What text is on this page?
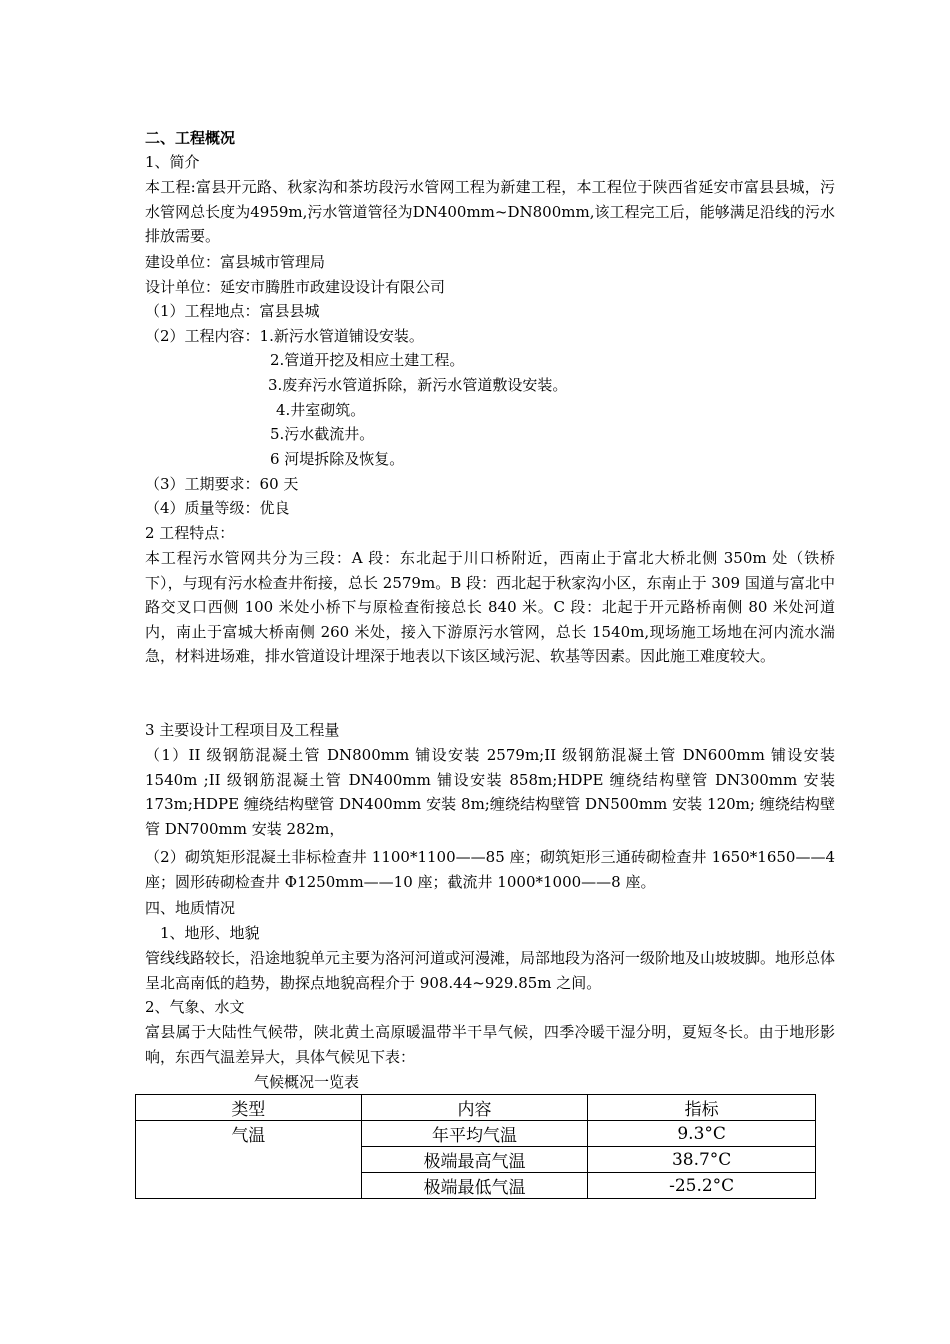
二、工程概况
1、简介
本工程:富县开元路、秋家沟和茶坊段污水管网工程为新建工程，本工程位于陕西省延安市富县县城，污水管网总长度为4959m,污水管道管径为DN400mm~DN800mm,该工程完工后，能够满足沿线的污水排放需要。
建设单位：富县城市管理局
设计单位：延安市腾胜市政建设设计有限公司
（1）工程地点：富县县城
（2）工程内容：1.新污水管道铺设安装。
2.管道开挖及相应土建工程。
3.废弃污水管道拆除，新污水管道敷设安装。
4.井室砌筑。
5.污水截流井。
6 河堤拆除及恢复。
（3）工期要求：60 天
（4）质量等级：优良
2 工程特点：
本工程污水管网共分为三段：A 段：东北起于川口桥附近，西南止于富北大桥北侧 350m 处（铁桥下），与现有污水检查井衔接，总长 2579m。B 段：西北起于秋家沟小区，东南止于 309 国道与富北中路交叉口西侧 100 米处小桥下与原检查衔接总长 840 米。C 段：北起于开元路桥南侧 80 米处河道内，南止于富城大桥南侧 260 米处，接入下游原污水管网，总长 1540m,现场施工场地在河内流水湍急，材料进场难，排水管道设计埋深于地表以下该区域污泥、软基等因素。因此施工难度较大。
3 主要设计工程项目及工程量
（1）II 级钢筋混凝土管 DN800mm 铺设安装 2579m;II 级钢筋混凝土管 DN600mm 铺设安装 1540m ;II 级钢筋混凝土管 DN400mm 铺设安装 858m;HDPE 缠绕结构壁管 DN300mm 安装 173m;HDPE 缠绕结构壁管 DN400mm 安装 8m;缠绕结构壁管 DN500mm 安装 120m; 缠绕结构壁管 DN700mm 安装 282m，
（2）砌筑矩形混凝土非标检查井 1100*1100——85 座；砌筑矩形三通砖砌检查井 1650*1650——4 座；圆形砖砌检查井 Φ1250mm——10 座；截流井 1000*1000——8 座。
四、地质情况
1、地形、地貌
管线线路较长，沿途地貌单元主要为洛河河道或河漫滩，局部地段为洛河一级阶地及山坡坡脚。地形总体呈北高南低的趋势，勘探点地貌高程介于 908.44~929.85m 之间。
2、气象、水文
富县属于大陆性气候带，陕北黄土高原暖温带半干旱气候，四季冷暖干湿分明，夏短冬长。由于地形影响，东西气温差异大，具体气候见下表：
气候概况一览表
类型	内容	指标
气温	年平均气温	9.3°C
	极端最高气温	38.7°C
	极端最低气温	-25.2°C
